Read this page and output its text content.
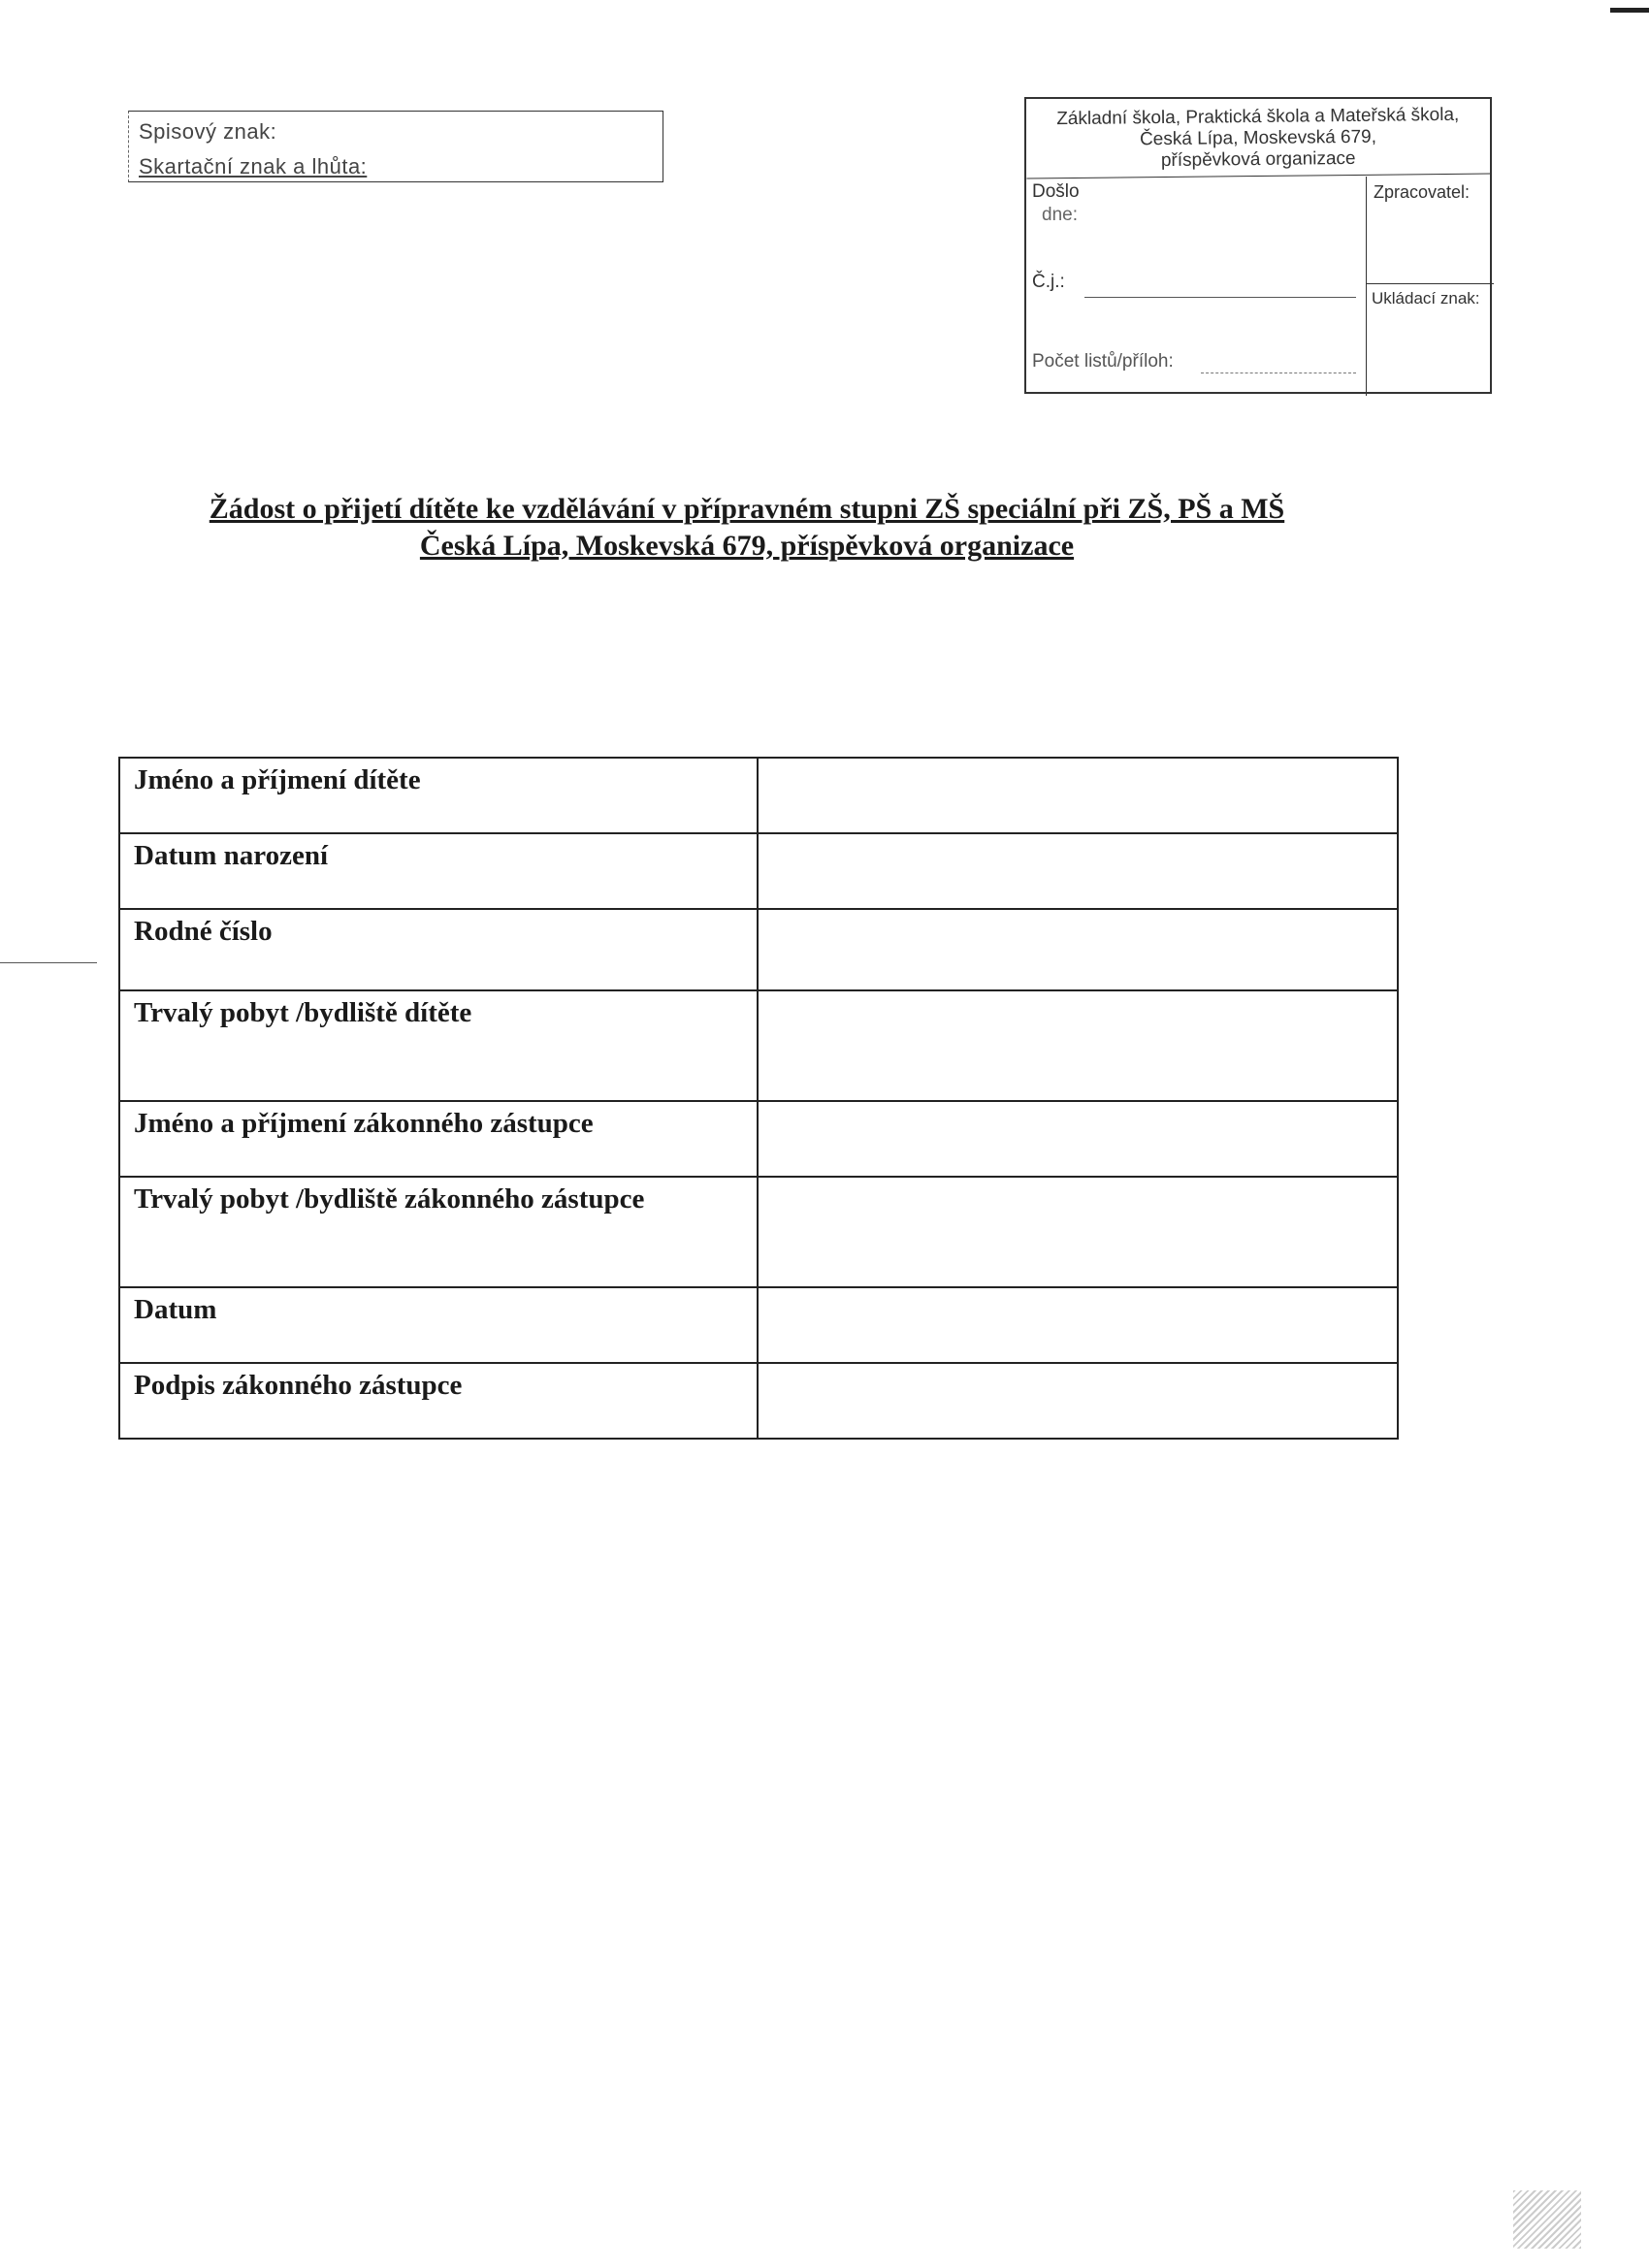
Spisový znak:
Skartační znak a lhůta:
Základní škola, Praktická škola a Mateřská škola,
Česká Lípa, Moskevská 679,
příspěvková organizace
Došlo
dne:
Zpracovatel:
Č.j.:
Ukládací znak:
Počet listů/příloh:
Žádost o přijetí dítěte ke vzdělávání v přípravném stupni ZŠ speciální při ZŠ, PŠ a MŠ
Česká Lípa, Moskevská 679, příspěvková organizace
Jméno a příjmení dítěte	
Datum narození	
Rodné číslo	
Trvalý pobyt /bydliště dítěte	
Jméno a příjmení zákonného zástupce	
Trvalý pobyt /bydliště zákonného zástupce	
Datum	
Podpis zákonného zástupce	
